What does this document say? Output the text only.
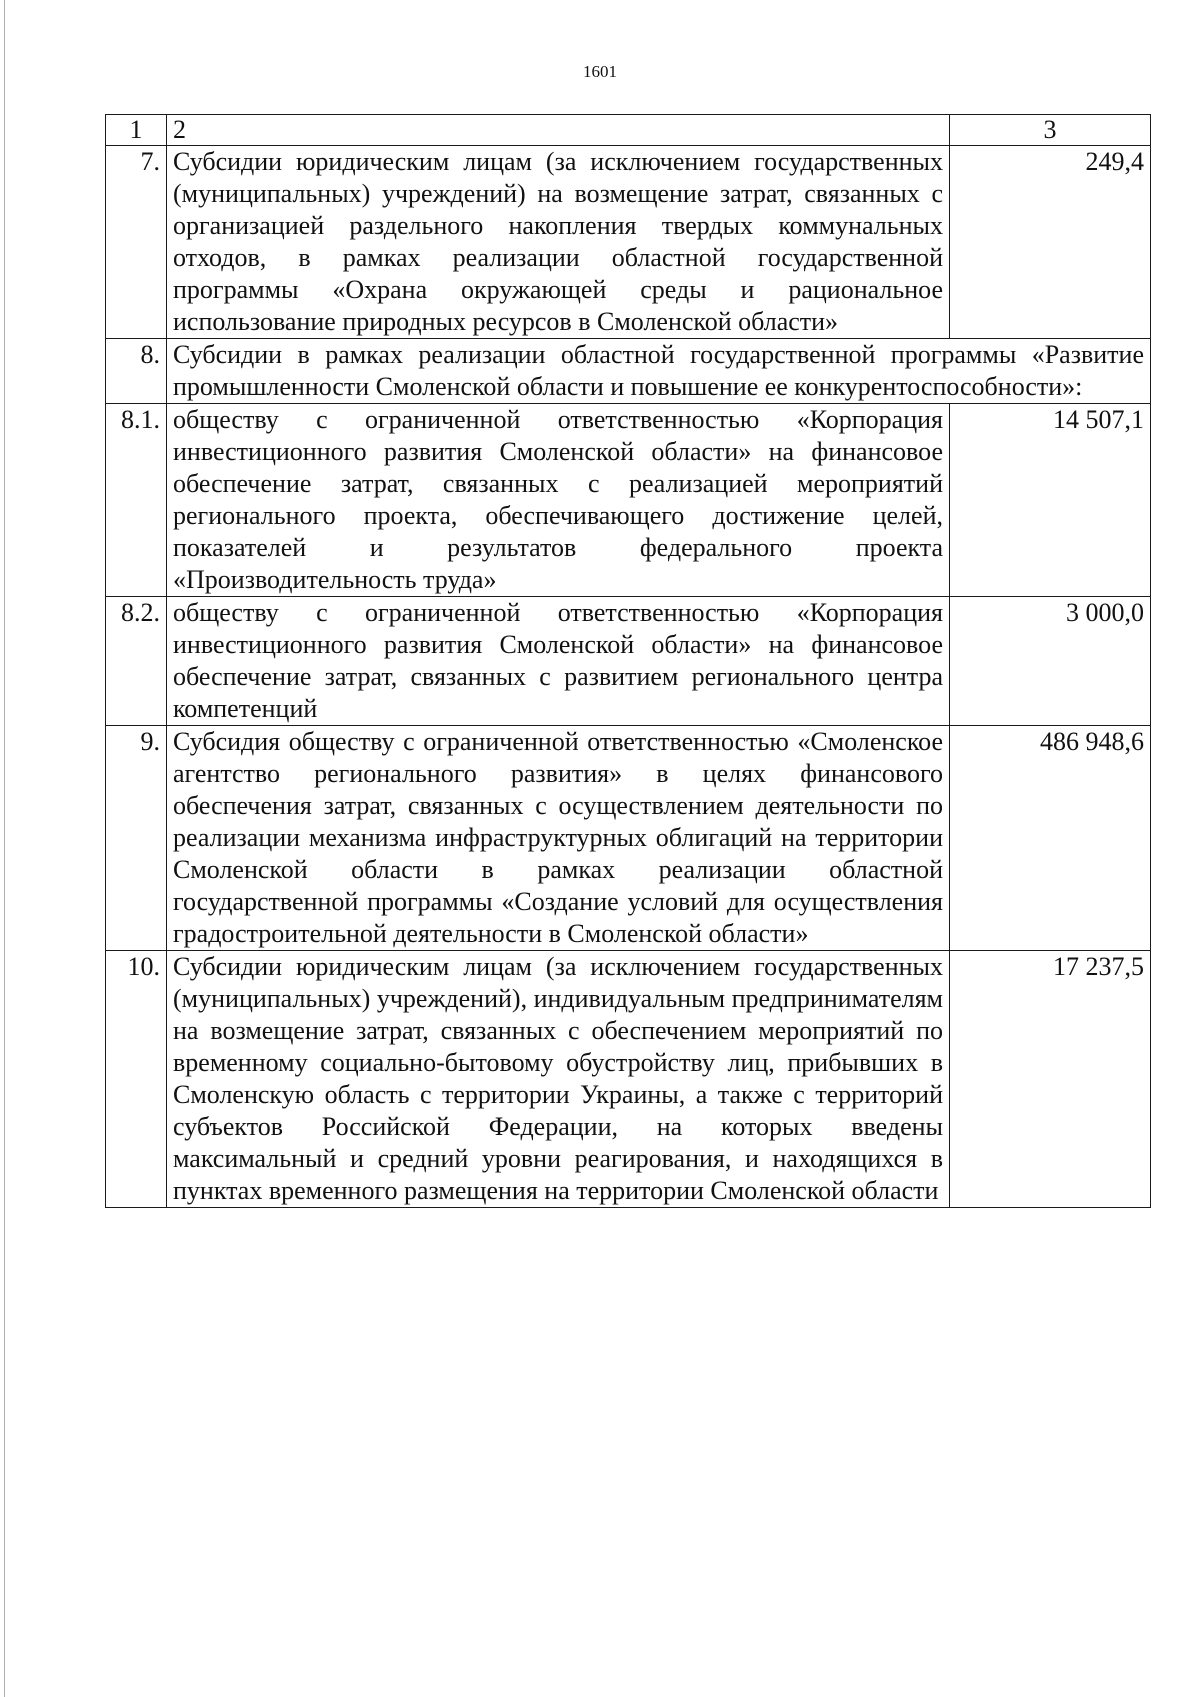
1601
1	2	3
7.	Субсидии юридическим лицам (за исключением государственных (муниципальных) учреждений) на возмещение затрат, связанных с организацией раздельного накопления твердых коммунальных отходов, в рамках реализации областной государственной программы «Охрана окружающей среды и рациональное использование природных ресурсов в Смоленской области»	249,4
8.	Субсидии в рамках реализации областной государственной программы «Развитие промышленности Смоленской области и повышение ее конкурентоспособности»:	
8.1.	обществу с ограниченной ответственностью «Корпорация инвестиционного развития Смоленской области» на финансовое обеспечение затрат, связанных с реализацией мероприятий регионального проекта, обеспечивающего достижение целей, показателей и результатов федерального проекта «Производительность труда»	14 507,1
8.2.	обществу с ограниченной ответственностью «Корпорация инвестиционного развития Смоленской области» на финансовое обеспечение затрат, связанных с развитием регионального центра компетенций	3 000,0
9.	Субсидия обществу с ограниченной ответственностью «Смоленское агентство регионального развития» в целях финансового обеспечения затрат, связанных с осуществлением деятельности по реализации механизма инфраструктурных облигаций на территории Смоленской области в рамках реализации областной государственной программы «Создание условий для осуществления градостроительной деятельности в Смоленской области»	486 948,6
10.	Субсидии юридическим лицам (за исключением государственных (муниципальных) учреждений), индивидуальным предпринимателям на возмещение затрат, связанных с обеспечением мероприятий по временному социально-бытовому обустройству лиц, прибывших в Смоленскую область с территории Украины, а также с территорий субъектов Российской Федерации, на которых введены максимальный и средний уровни реагирования, и находящихся в пунктах временного размещения на территории Смоленской области	17 237,5
